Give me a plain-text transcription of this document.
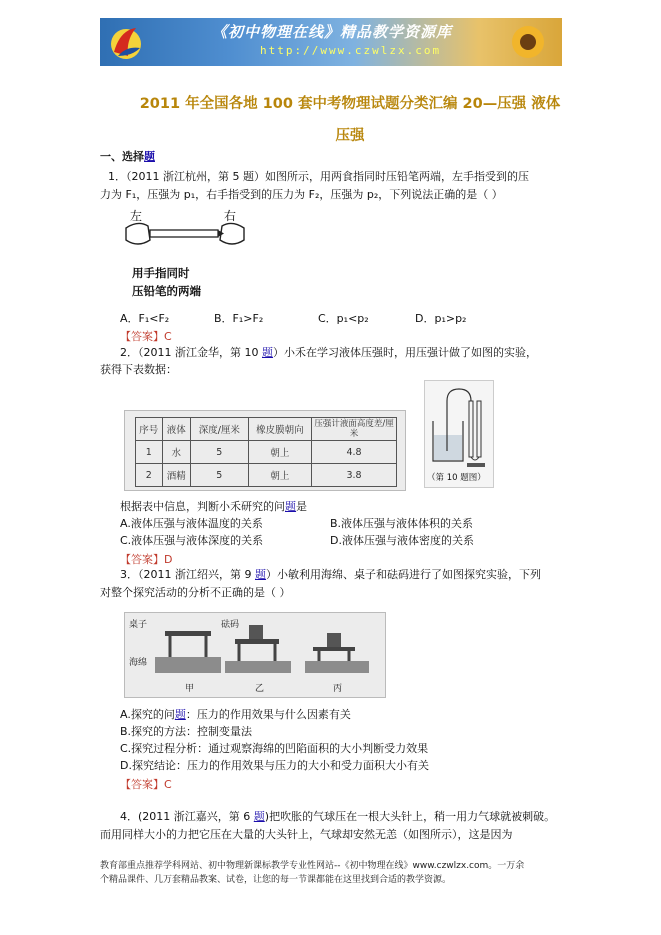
《初中物理在线》精品教学资源库
http://www.czwlzx.com
2011 年全国各地 100 套中考物理试题分类汇编 20—压强 液体
压强
一、选择题
1．（2011 浙江杭州，第 5 题）如图所示，用两食指同时压铅笔两端，左手指受到的压
力为 F₁，压强为 p₁，右手指受到的压力为 F₂，压强为 p₂，下列说法正确的是（ ）
左	右
用手指同时
压铅笔的两端
A．F₁<F₂	B．F₁>F₂	C．p₁<p₂	D．p₁>p₂
【答案】C
2．（2011 浙江金华，第 10 题）小禾在学习液体压强时，用压强计做了如图的实验，
获得下表数据：
序号	液体	深度/厘米	橡皮膜朝向	压强计液面高度差/厘米
1	水	5	朝上	4.8
2	酒精	5	朝上	3.8	（第 10 题图）
根据表中信息，判断小禾研究的问题是
A.液体压强与液体温度的关系	B.液体压强与液体体积的关系
C.液体压强与液体深度的关系	D.液体压强与液体密度的关系
【答案】D
3．（2011 浙江绍兴，第 9 题）小敏利用海绵、桌子和砝码进行了如图探究实验，下列
对整个探究活动的分析不正确的是（ ）
桌子	砝码
海绵
甲	乙	丙
A.探究的问题：压力的作用效果与什么因素有关
B.探究的方法：控制变量法
C.探究过程分析：通过观察海绵的凹陷面积的大小判断受力效果
D.探究结论：压力的作用效果与压力的大小和受力面积大小有关
【答案】C
4．(2011 浙江嘉兴，第 6 题)把吹胀的气球压在一根大头针上，稍一用力气球就被刺破。
而用同样大小的力把它压在大量的大头针上，气球却安然无恙（如图所示），这是因为
教育部重点推荐学科网站、初中物理新课标教学专业性网站--《初中物理在线》www.czwlzx.com。一万余
个精品课件、几万套精品教案、试卷，让您的每一节课都能在这里找到合适的教学资源。
